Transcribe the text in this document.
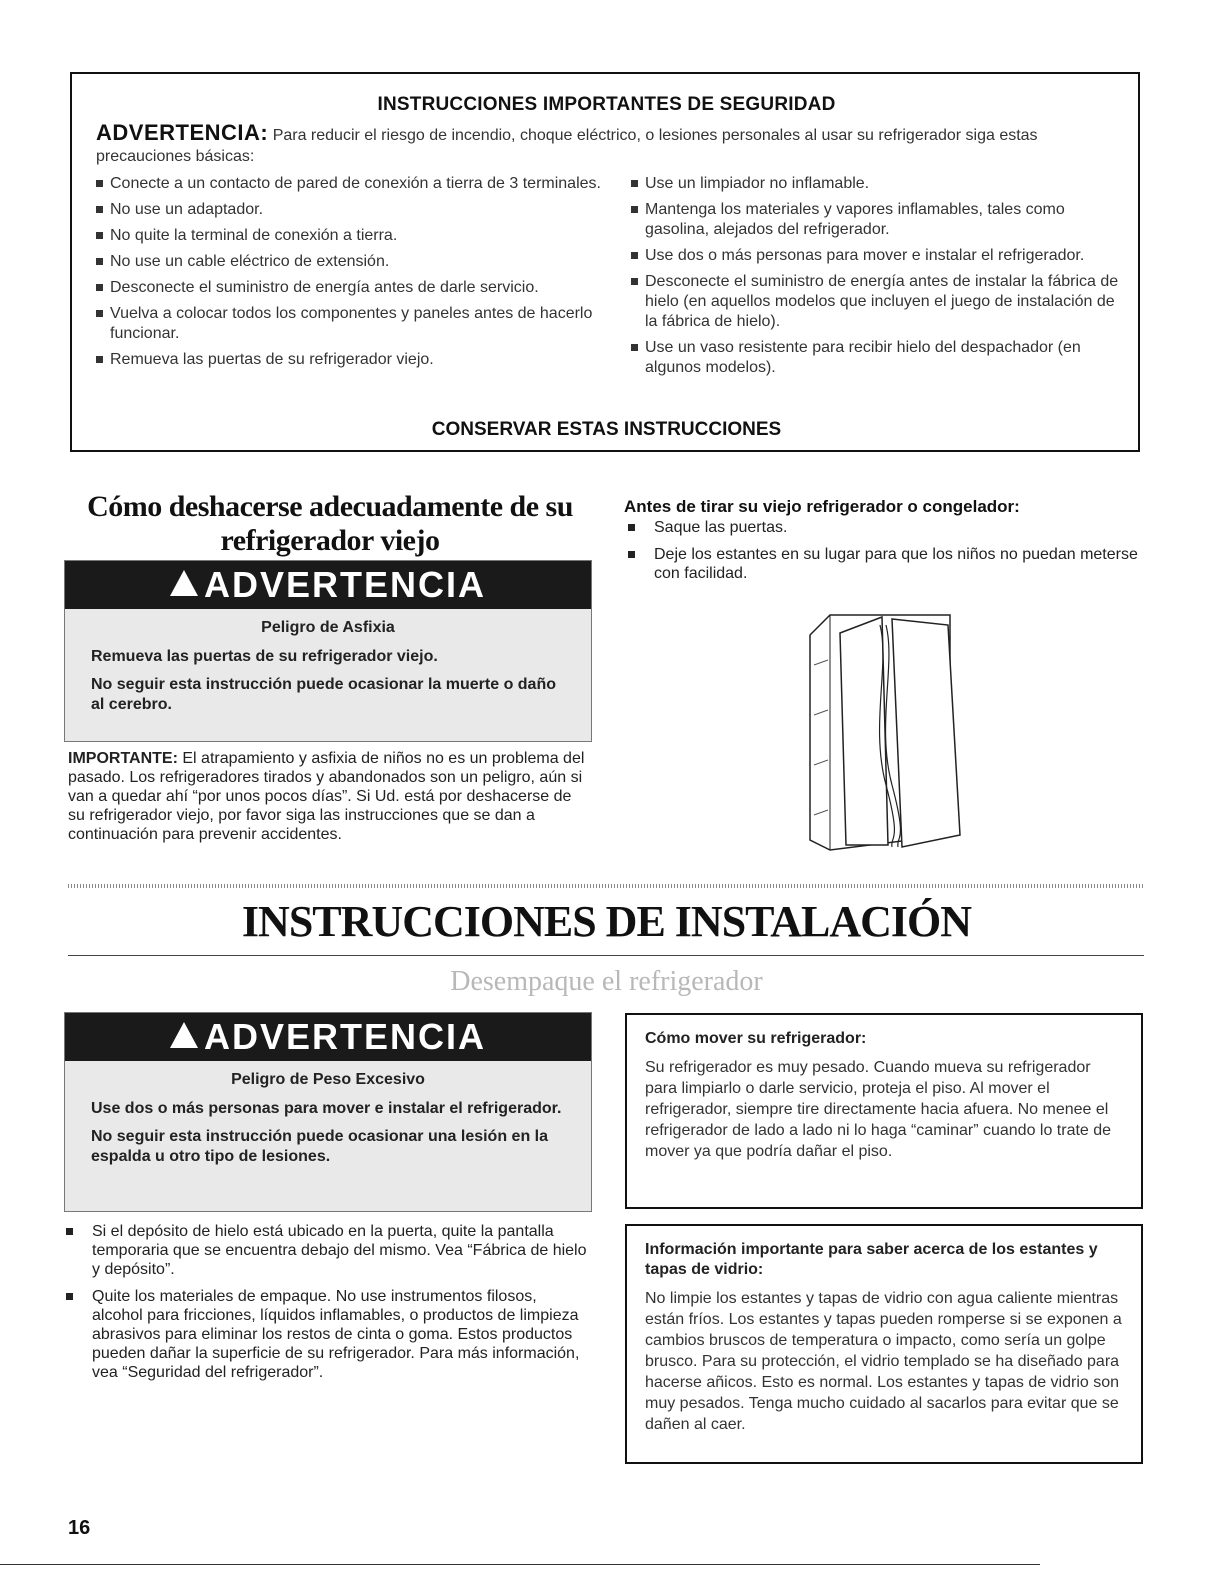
INSTRUCCIONES IMPORTANTES DE SEGURIDAD
ADVERTENCIA: Para reducir el riesgo de incendio, choque eléctrico, o lesiones personales al usar su refrigerador siga estas precauciones básicas:
Conecte a un contacto de pared de conexión a tierra de 3 terminales.
No use un adaptador.
No quite la terminal de conexión a tierra.
No use un cable eléctrico de extensión.
Desconecte el suministro de energía antes de darle servicio.
Vuelva a colocar todos los componentes y paneles antes de hacerlo funcionar.
Remueva las puertas de su refrigerador viejo.
Use un limpiador no inflamable.
Mantenga los materiales y vapores inflamables, tales como gasolina, alejados del refrigerador.
Use dos o más personas para mover e instalar el refrigerador.
Desconecte el suministro de energía antes de instalar la fábrica de hielo (en aquellos modelos que incluyen el juego de instalación de la fábrica de hielo).
Use un vaso resistente para recibir hielo del despachador (en algunos modelos).
CONSERVAR ESTAS INSTRUCCIONES
Cómo deshacerse adecuadamente de su refrigerador viejo
ADVERTENCIA
Peligro de Asfixia

Remueva las puertas de su refrigerador viejo.

No seguir esta instrucción puede ocasionar la muerte o daño al cerebro.

IMPORTANTE: El atrapamiento y asfixia de niños no es un problema del pasado. Los refrigeradores tirados y abandonados son un peligro, aún si van a quedar ahí “por unos pocos días”. Si Ud. está por deshacerse de su refrigerador viejo, por favor siga las instrucciones que se dan a continuación para prevenir accidentes.
Antes de tirar su viejo refrigerador o congelador:
Saque las puertas.
Deje los estantes en su lugar para que los niños no puedan meterse con facilidad.
INSTRUCCIONES DE INSTALACIÓN
Desempaque el refrigerador
ADVERTENCIA
Peligro de Peso Excesivo

Use dos o más personas para mover e instalar el refrigerador.

No seguir esta instrucción puede ocasionar una lesión en la espalda u otro tipo de lesiones.

Si el depósito de hielo está ubicado en la puerta, quite la pantalla temporaria que se encuentra debajo del mismo. Vea “Fábrica de hielo y depósito”.
Quite los materiales de empaque. No use instrumentos filosos, alcohol para fricciones, líquidos inflamables, o productos de limpieza abrasivos para eliminar los restos de cinta o goma. Estos productos pueden dañar la superficie de su refrigerador. Para más información, vea “Seguridad del refrigerador”.
Cómo mover su refrigerador:

Su refrigerador es muy pesado. Cuando mueva su refrigerador para limpiarlo o darle servicio, proteja el piso. Al mover el refrigerador, siempre tire directamente hacia afuera. No menee el refrigerador de lado a lado ni lo haga “caminar” cuando lo trate de mover ya que podría dañar el piso.

Información importante para saber acerca de los estantes y tapas de vidrio:

No limpie los estantes y tapas de vidrio con agua caliente mientras están fríos. Los estantes y tapas pueden romperse si se exponen a cambios bruscos de temperatura o impacto, como sería un golpe brusco. Para su protección, el vidrio templado se ha diseñado para hacerse añicos. Esto es normal. Los estantes y tapas de vidrio son muy pesados. Tenga mucho cuidado al sacarlos para evitar que se dañen al caer.

16
